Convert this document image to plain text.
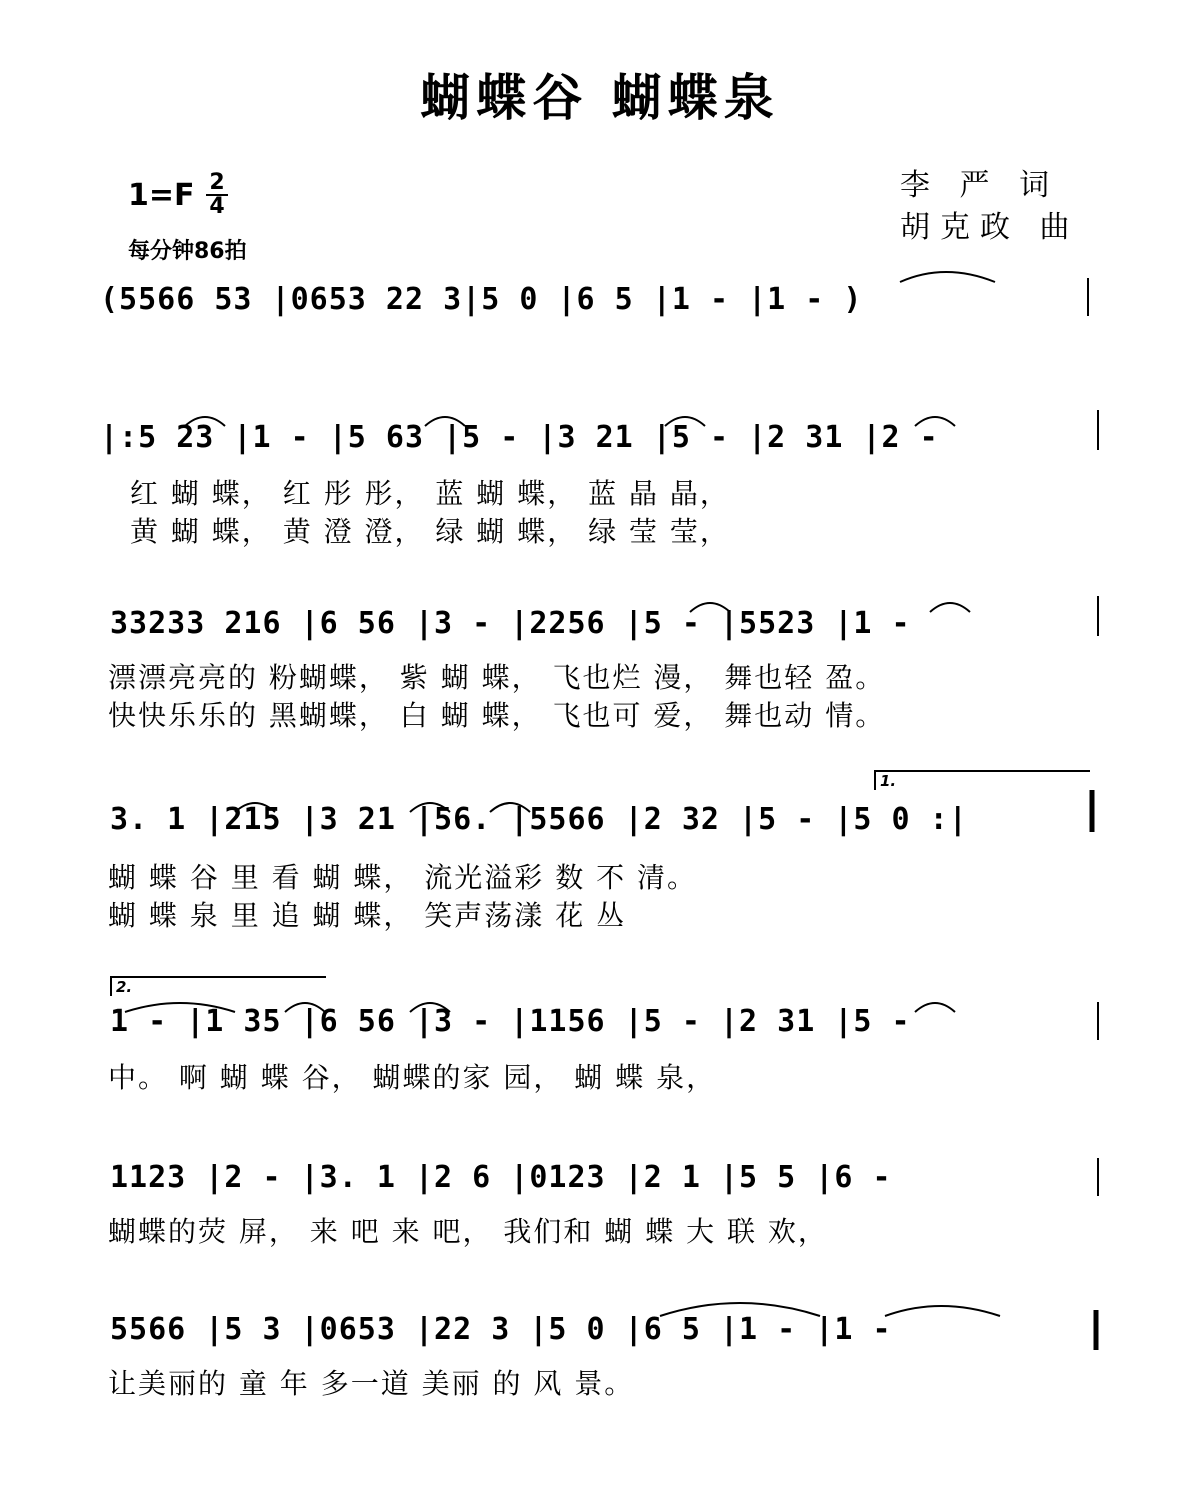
蝴蝶谷 蝴蝶泉
$1=F \frac{2}{4}$
每分钟86拍
李 严 词
胡克政 曲
(5566 53 |0653 22 3|5 0 |6 5 |1 - |1 - )
|:5 23 |1 - |5 63 |5 - |3 21 |5 - |2 31 |2 -
红 蝴 蝶， 红 彤 彤， 蓝 蝴 蝶， 蓝 晶 晶，
黄 蝴 蝶， 黄 澄 澄， 绿 蝴 蝶， 绿 莹 莹，
33233 216 |6 56 |3 - |2256 |5 - |5523 |1 -
漂漂亮亮的 粉蝴蝶， 紫 蝴 蝶， 飞也烂 漫， 舞也轻 盈。
快快乐乐的 黑蝴蝶， 白 蝴 蝶， 飞也可 爱， 舞也动 情。
3. 1 |215 |3 21 |56. |5566 |2 32 |5 - |5 0 :|
蝴 蝶 谷 里 看 蝴 蝶， 流光溢彩 数 不 清。
蝴 蝶 泉 里 追 蝴 蝶， 笑声荡漾 花 丛
1 - |1 35 |6 56 |3 - |1156 |5 - |2 31 |5 -
中。 啊 蝴 蝶 谷， 蝴蝶的家 园， 蝴 蝶 泉，
1123 |2 - |3. 1 |2 6 |0123 |2 1 |5 5 |6 -
蝴蝶的荧 屏， 来 吧 来 吧， 我们和 蝴 蝶 大 联 欢，
5566 |5 3 |0653 |22 3 |5 0 |6 5 |1 - |1 -
让美丽的 童 年 多一道 美丽 的 风 景。
1.
2.
